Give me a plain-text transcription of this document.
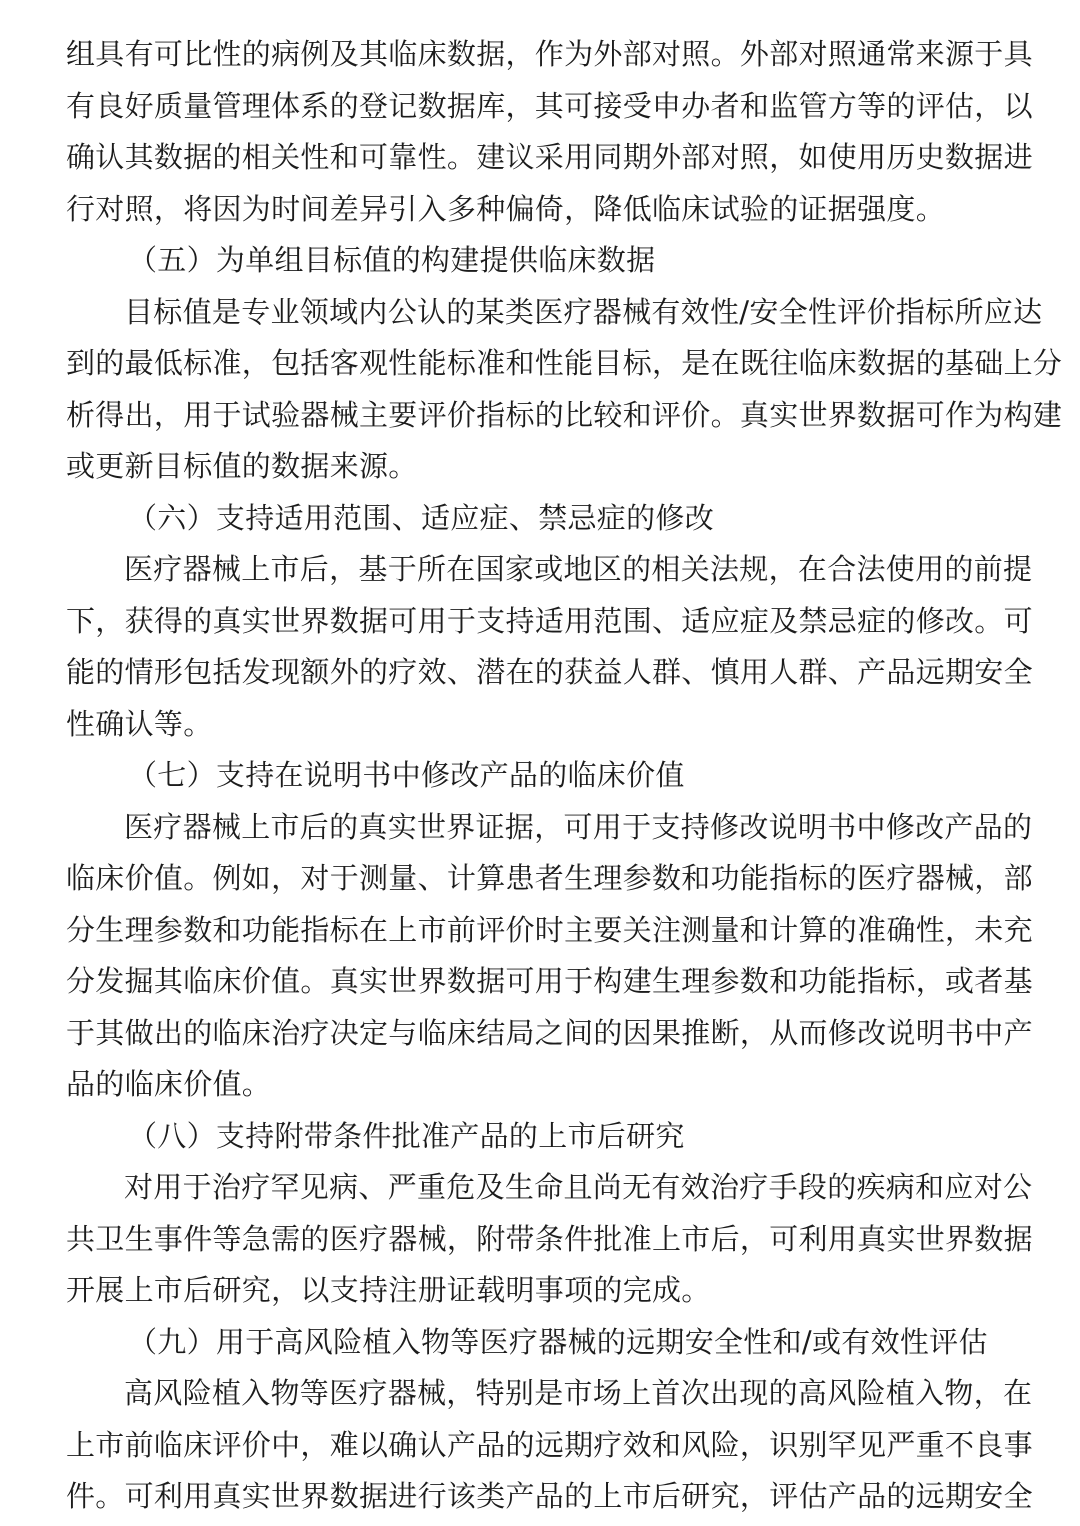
组具有可比性的病例及其临床数据，作为外部对照。外部对照通常来源于具
有良好质量管理体系的登记数据库，其可接受申办者和监管方等的评估，以
确认其数据的相关性和可靠性。建议采用同期外部对照，如使用历史数据进
行对照，将因为时间差异引入多种偏倚，降低临床试验的证据强度。
（五）为单组目标值的构建提供临床数据
目标值是专业领域内公认的某类医疗器械有效性/安全性评价指标所应达
到的最低标准，包括客观性能标准和性能目标，是在既往临床数据的基础上分
析得出，用于试验器械主要评价指标的比较和评价。真实世界数据可作为构建
或更新目标值的数据来源。
（六）支持适用范围、适应症、禁忌症的修改
医疗器械上市后，基于所在国家或地区的相关法规，在合法使用的前提
下，获得的真实世界数据可用于支持适用范围、适应症及禁忌症的修改。可
能的情形包括发现额外的疗效、潜在的获益人群、慎用人群、产品远期安全
性确认等。
（七）支持在说明书中修改产品的临床价值
医疗器械上市后的真实世界证据，可用于支持修改说明书中修改产品的
临床价值。例如，对于测量、计算患者生理参数和功能指标的医疗器械，部
分生理参数和功能指标在上市前评价时主要关注测量和计算的准确性，未充
分发掘其临床价值。真实世界数据可用于构建生理参数和功能指标，或者基
于其做出的临床治疗决定与临床结局之间的因果推断，从而修改说明书中产
品的临床价值。
（八）支持附带条件批准产品的上市后研究
对用于治疗罕见病、严重危及生命且尚无有效治疗手段的疾病和应对公
共卫生事件等急需的医疗器械，附带条件批准上市后，可利用真实世界数据
开展上市后研究，以支持注册证载明事项的完成。
（九）用于高风险植入物等医疗器械的远期安全性和/或有效性评估
高风险植入物等医疗器械，特别是市场上首次出现的高风险植入物，在
上市前临床评价中，难以确认产品的远期疗效和风险，识别罕见严重不良事
件。可利用真实世界数据进行该类产品的上市后研究，评估产品的远期安全
